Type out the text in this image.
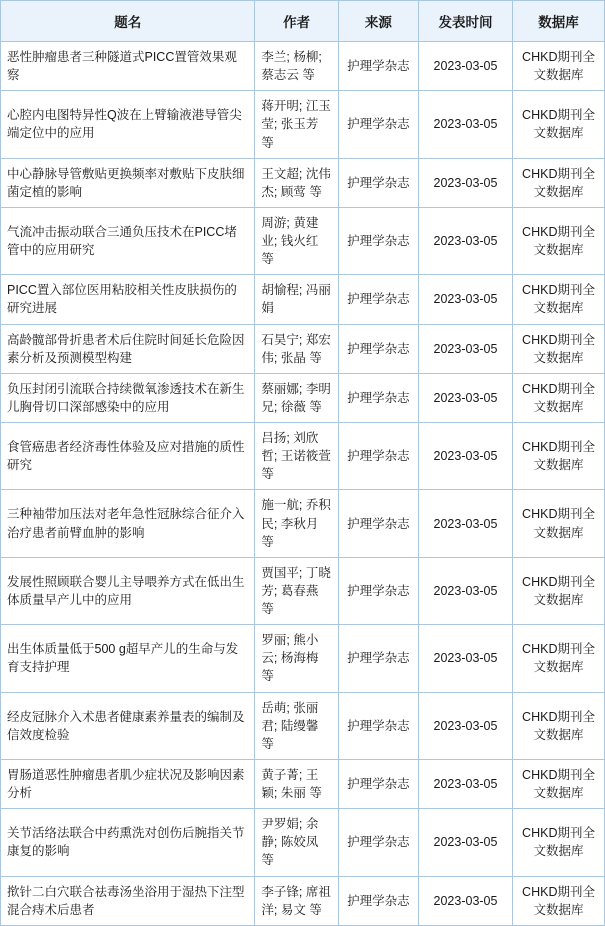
题名	作者	来源	发表时间	数据库
恶性肿瘤患者三种隧道式PICC置管效果观察	李兰; 杨柳; 蔡志云 等	护理学杂志	2023-03-05	CHKD期刊全文数据库
心腔内电图特异性Q波在上臂输液港导管尖端定位中的应用	蒋开明; 江玉莹; 张玉芳 等	护理学杂志	2023-03-05	CHKD期刊全文数据库
中心静脉导管敷贴更换频率对敷贴下皮肤细菌定植的影响	王文超; 沈伟杰; 顾莺 等	护理学杂志	2023-03-05	CHKD期刊全文数据库
气流冲击振动联合三通负压技术在PICC堵管中的应用研究	周游; 黄建业; 钱火红 等	护理学杂志	2023-03-05	CHKD期刊全文数据库
PICC置入部位医用粘胶相关性皮肤损伤的研究进展	胡愉程; 冯丽娟	护理学杂志	2023-03-05	CHKD期刊全文数据库
高龄髋部骨折患者术后住院时间延长危险因素分析及预测模型构建	石昊宁; 郑宏伟; 张晶 等	护理学杂志	2023-03-05	CHKD期刊全文数据库
负压封闭引流联合持续微氧渗透技术在新生儿胸骨切口深部感染中的应用	蔡丽娜; 李明兄; 徐薇 等	护理学杂志	2023-03-05	CHKD期刊全文数据库
食管癌患者经济毒性体验及应对措施的质性研究	吕扬; 刘欣哲; 王诺筱萱 等	护理学杂志	2023-03-05	CHKD期刊全文数据库
三种袖带加压法对老年急性冠脉综合征介入治疗患者前臂血肿的影响	施一航; 乔积民; 李秋月 等	护理学杂志	2023-03-05	CHKD期刊全文数据库
发展性照顾联合婴儿主导喂养方式在低出生体质量早产儿中的应用	贾国平; 丁晓芳; 葛春燕 等	护理学杂志	2023-03-05	CHKD期刊全文数据库
出生体质量低于500 g超早产儿的生命与发育支持护理	罗丽; 熊小云; 杨海梅 等	护理学杂志	2023-03-05	CHKD期刊全文数据库
经皮冠脉介入术患者健康素养量表的编制及信效度检验	岳萌; 张丽君; 陆缦馨 等	护理学杂志	2023-03-05	CHKD期刊全文数据库
胃肠道恶性肿瘤患者肌少症状况及影响因素分析	黄子菁; 王颖; 朱丽 等	护理学杂志	2023-03-05	CHKD期刊全文数据库
关节活络法联合中药熏洗对创伤后腕指关节康复的影响	尹罗娟; 余静; 陈姣凤 等	护理学杂志	2023-03-05	CHKD期刊全文数据库
揿针二白穴联合祛毒汤坐浴用于湿热下注型混合痔术后患者	李子锋; 席祖洋; 易文 等	护理学杂志	2023-03-05	CHKD期刊全文数据库
